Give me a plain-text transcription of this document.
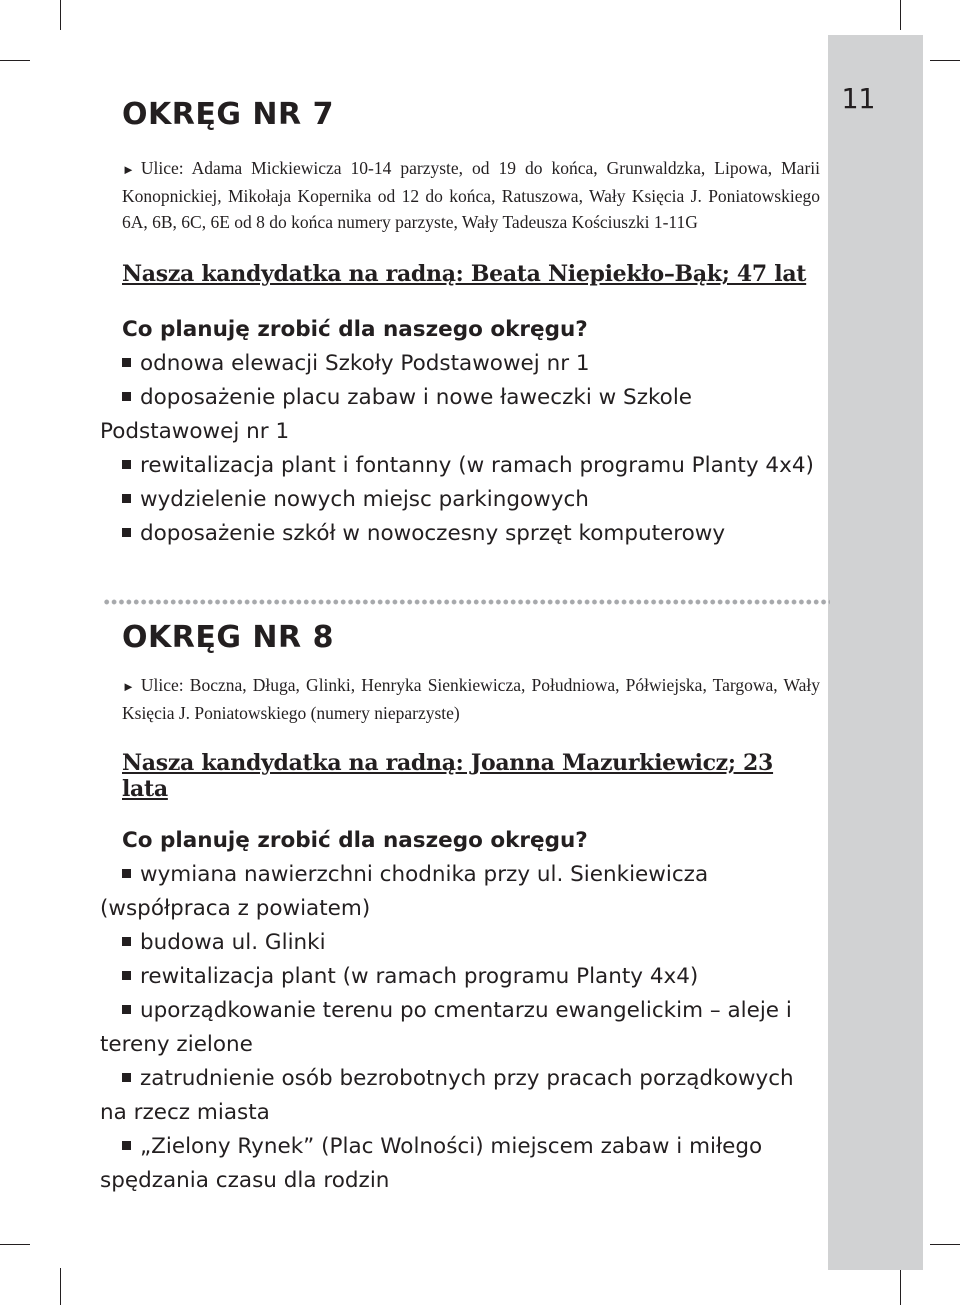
11
OKRĘG NR 7

► Ulice: Adama Mickiewicza 10-14 parzyste, od 19 do końca, Grunwaldzka, Lipowa, Marii Konopnickiej, Mikołaja Kopernika od 12 do końca, Ratuszowa, Wały Księcia J. Poniatowskiego 6A, 6B, 6C, 6E od 8 do końca numery parzyste, Wały Tadeusza Kościuszki 1-11G

Nasza kandydatka na radną: Beata Niepiekło–Bąk; 47 lat
Co planuję zrobić dla naszego okręgu?
odnowa elewacji Szkoły Podstawowej nr 1
doposażenie placu zabaw i nowe ławeczki w Szkole Podstawowej nr 1
rewitalizacja plant i fontanny (w ramach programu Planty 4x4)
wydzielenie nowych miejsc parkingowych
doposażenie szkół w nowoczesny sprzęt komputerowy
OKRĘG NR 8

► Ulice: Boczna, Długa, Glinki, Henryka Sienkiewicza, Południowa, Półwiejska, Targowa, Wały Księcia J. Poniatowskiego (numery nieparzyste)

Nasza kandydatka na radną: Joanna Mazurkiewicz; 23 lata
Co planuję zrobić dla naszego okręgu?
wymiana nawierzchni chodnika przy ul. Sienkiewicza (współpraca z powiatem)
budowa ul. Glinki
rewitalizacja plant (w ramach programu Planty 4x4)
uporządkowanie terenu po cmentarzu ewangelickim – aleje i tereny zielone
zatrudnienie osób bezrobotnych przy pracach porządkowych na rzecz miasta
„Zielony Rynek” (Plac Wolności) miejscem zabaw i miłego spędzania czasu dla rodzin
